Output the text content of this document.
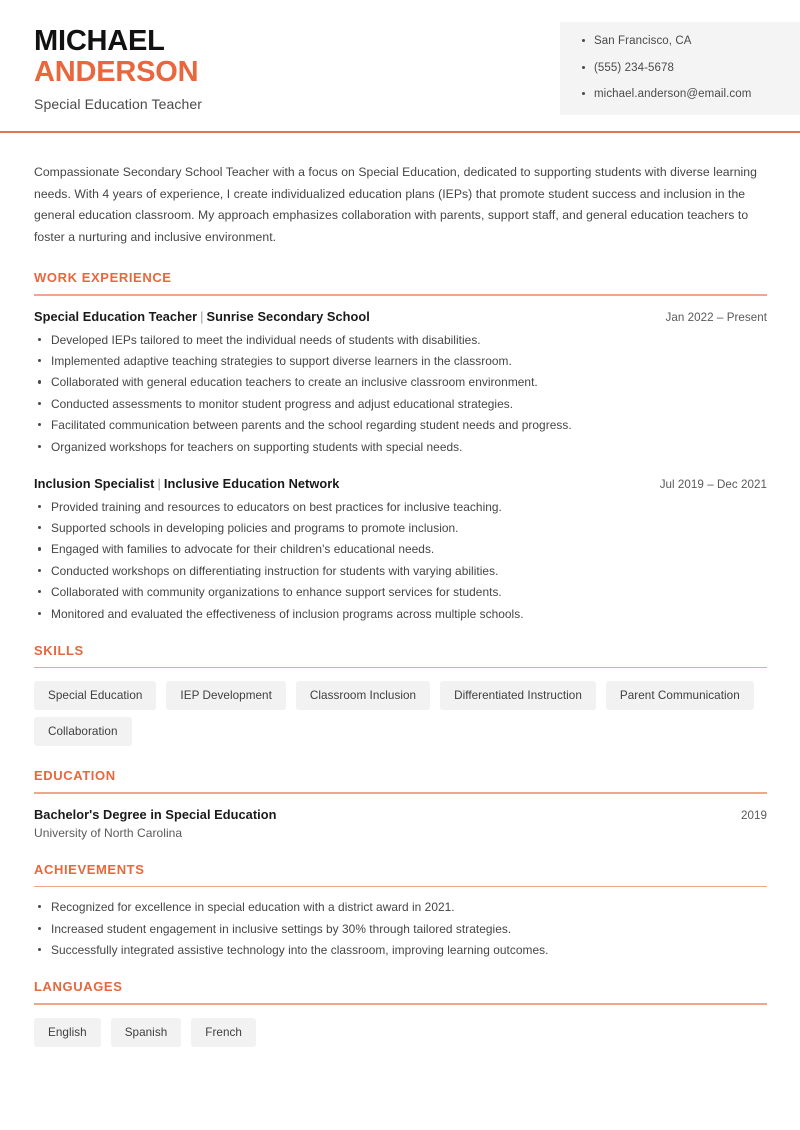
MICHAEL
ANDERSON
Special Education Teacher
San Francisco, CA
(555) 234-5678
michael.anderson@email.com

Compassionate Secondary School Teacher with a focus on Special Education, dedicated to supporting students with diverse learning needs. With 4 years of experience, I create individualized education plans (IEPs) that promote student success and inclusion in the general education classroom. My approach emphasizes collaboration with parents, support staff, and general education teachers to foster a nurturing and inclusive environment.

WORK EXPERIENCE
Special Education Teacher | Sunrise Secondary School	Jan 2022 – Present
Developed IEPs tailored to meet the individual needs of students with disabilities.
Implemented adaptive teaching strategies to support diverse learners in the classroom.
Collaborated with general education teachers to create an inclusive classroom environment.
Conducted assessments to monitor student progress and adjust educational strategies.
Facilitated communication between parents and the school regarding student needs and progress.
Organized workshops for teachers on supporting students with special needs.
Inclusion Specialist | Inclusive Education Network	Jul 2019 – Dec 2021
Provided training and resources to educators on best practices for inclusive teaching.
Supported schools in developing policies and programs to promote inclusion.
Engaged with families to advocate for their children's educational needs.
Conducted workshops on differentiating instruction for students with varying abilities.
Collaborated with community organizations to enhance support services for students.
Monitored and evaluated the effectiveness of inclusion programs across multiple schools.
SKILLS
Special Education	IEP Development	Classroom Inclusion	Differentiated Instruction	Parent Communication
Collaboration
EDUCATION
Bachelor's Degree in Special Education	2019
University of North Carolina
ACHIEVEMENTS
Recognized for excellence in special education with a district award in 2021.
Increased student engagement in inclusive settings by 30% through tailored strategies.
Successfully integrated assistive technology into the classroom, improving learning outcomes.
LANGUAGES
English	Spanish	French
